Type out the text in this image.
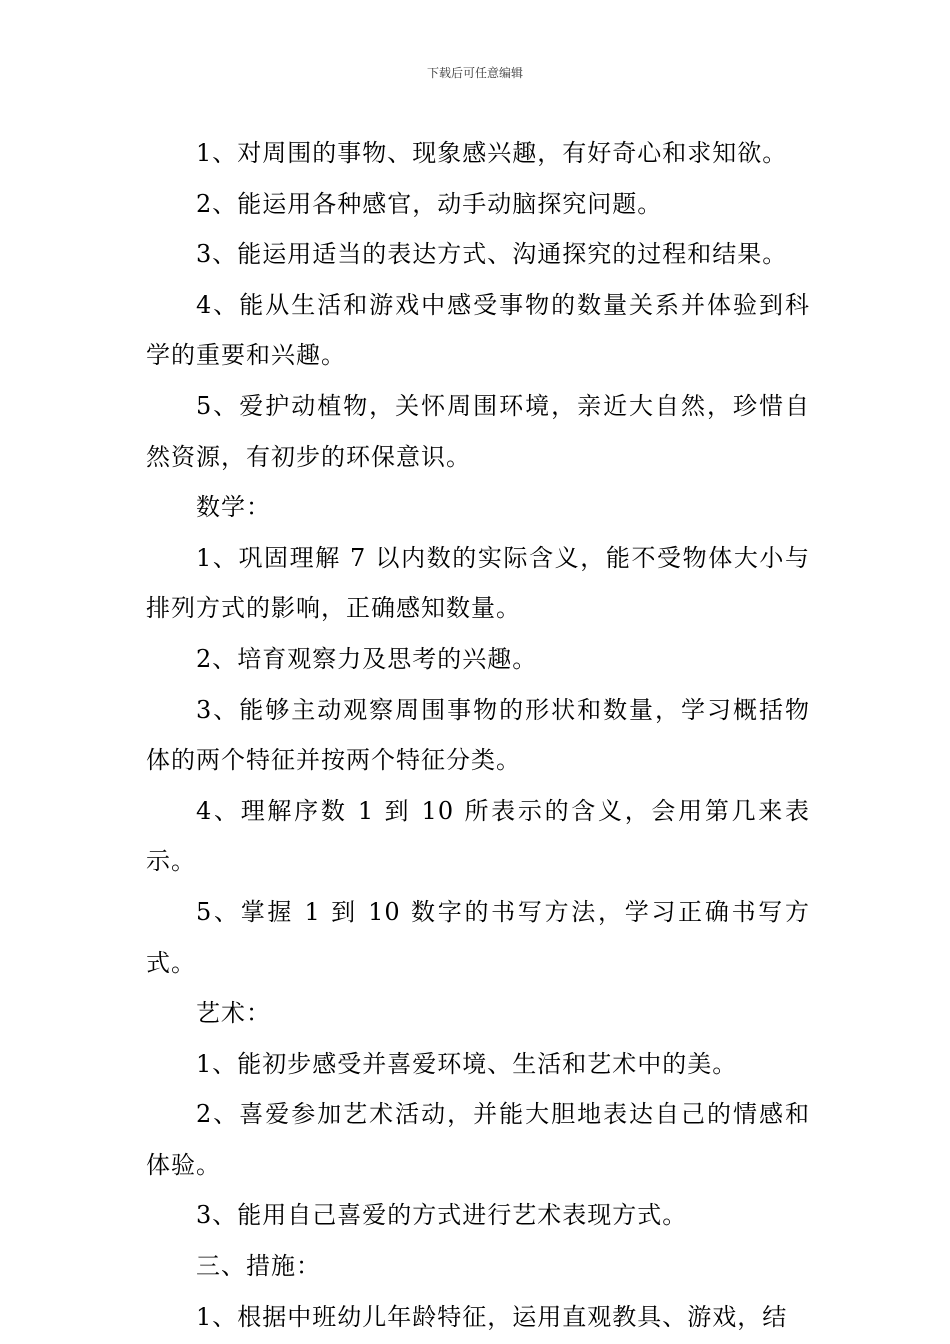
下载后可任意编辑

1、对周围的事物、现象感兴趣，有好奇心和求知欲。

2、能运用各种感官，动手动脑探究问题。

3、能运用适当的表达方式、沟通探究的过程和结果。

4、能从生活和游戏中感受事物的数量关系并体验到科学的重要和兴趣。

5、爱护动植物，关怀周围环境，亲近大自然，珍惜自然资源，有初步的环保意识。

数学：

1、巩固理解 7 以内数的实际含义，能不受物体大小与排列方式的影响，正确感知数量。

2、培育观察力及思考的兴趣。

3、能够主动观察周围事物的形状和数量，学习概括物体的两个特征并按两个特征分类。

4、理解序数 1 到 10 所表示的含义，会用第几来表示。

5、掌握 1 到 10 数字的书写方法，学习正确书写方式。

艺术：

1、能初步感受并喜爱环境、生活和艺术中的美。

2、喜爱参加艺术活动，并能大胆地表达自己的情感和体验。

3、能用自己喜爱的方式进行艺术表现方式。

三、措施：

1、根据中班幼儿年龄特征，运用直观教具、游戏，结
